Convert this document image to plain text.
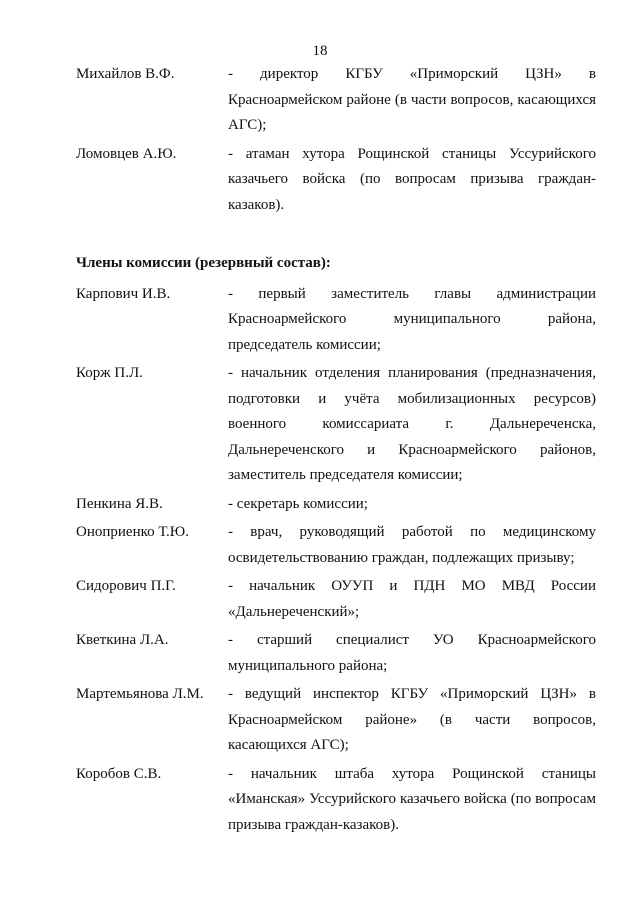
18
Михайлов В.Ф.	- директор КГБУ «Приморский ЦЗН» в Красноармейском районе (в части вопросов, касающихся АГС);
Ломовцев А.Ю.	- атаман хутора Рощинской станицы Уссурийского казачьего войска (по вопросам призыва граждан-казаков).
Члены комиссии (резервный состав):
Карпович И.В.	- первый заместитель главы администрации Красноармейского муниципального района, председатель комиссии;
Корж П.Л.	- начальник отделения планирования (предназначения, подготовки и учёта мобилизационных ресурсов) военного комиссариата г. Дальнереченска, Дальнереченского и Красноармейского районов, заместитель председателя комиссии;
Пенкина Я.В.	- секретарь комиссии;
Оноприенко Т.Ю.	- врач, руководящий работой по медицинскому освидетельствованию граждан, подлежащих призыву;
Сидорович П.Г.	- начальник ОУУП и ПДН МО МВД России «Дальнереченский»;
Кветкина Л.А.	- старший специалист УО Красноармейского муниципального района;
Мартемьянова Л.М.	- ведущий инспектор КГБУ «Приморский ЦЗН» в Красноармейском районе» (в части вопросов, касающихся АГС);
Коробов С.В.	- начальник штаба хутора Рощинской станицы «Иманская» Уссурийского казачьего войска (по вопросам призыва граждан-казаков).
